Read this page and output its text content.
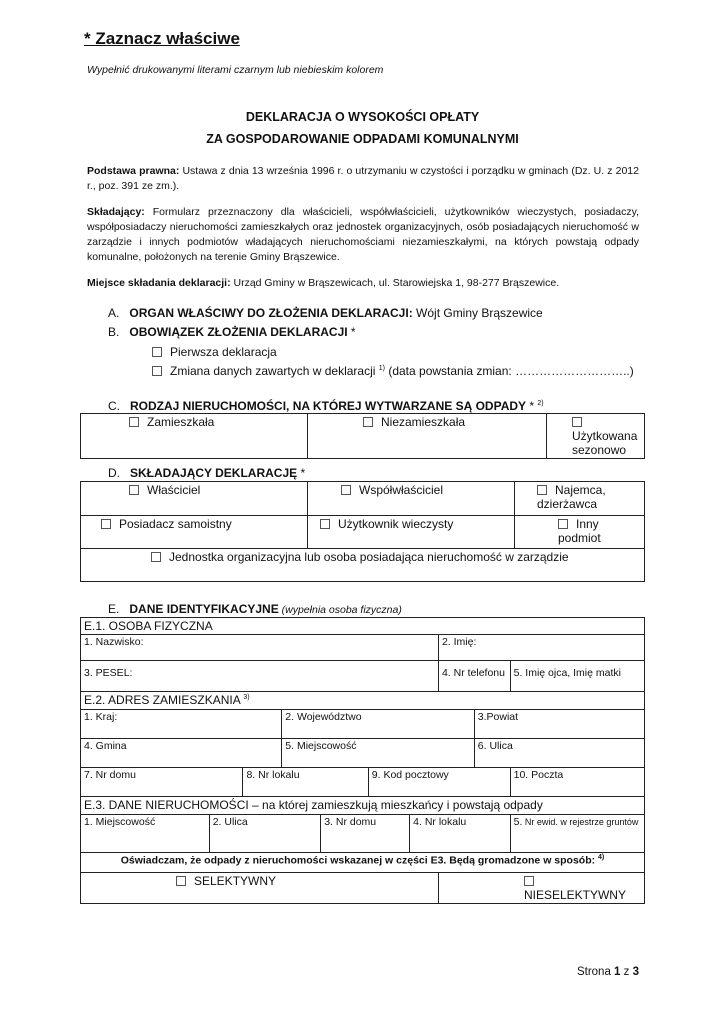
* Zaznacz właściwe
Wypełnić drukowanymi literami czarnym lub niebieskim kolorem
DEKLARACJA O WYSOKOŚCI OPŁATY
ZA GOSPODAROWANIE ODPADAMI KOMUNALNYMI
Podstawa prawna: Ustawa z dnia 13 września 1996 r. o utrzymaniu w czystości i porządku w gminach (Dz. U. z 2012 r., poz. 391 ze zm.).
Składający: Formularz przeznaczony dla właścicieli, współwłaścicieli, użytkowników wieczystych, posiadaczy, współposiadaczy nieruchomości zamieszkałych oraz jednostek organizacyjnych, osób posiadających nieruchomość w zarządzie i innych podmiotów władających nieruchomościami niezamieszkałymi, na których powstają odpady komunalne, położonych na terenie Gminy Brąszewice.
Miejsce składania deklaracji: Urząd Gminy w Brąszewicach, ul. Starowiejska 1, 98-277 Brąszewice.
A. ORGAN WŁAŚCIWY DO ZŁOŻENIA DEKLARACJI: Wójt Gminy Brąszewice
B. OBOWIĄZEK ZŁOŻENIA DEKLARACJI *
Pierwsza deklaracja
Zmiana danych zawartych w deklaracji $^{1)}$ (data powstania zmian: ………………………..)
C. RODZAJ NIERUCHOMOŚCI, NA KTÓREJ WYTWARZANE SĄ ODPADY * $^{2)}$
Zamieszkała	Niezamieszkała	Użytkowana sezonowo
D. SKŁADAJĄCY DEKLARACJĘ *
Właściciel	Współwłaściciel	Najemca, dzierżawca
Posiadacz samoistny	Użytkownik wieczysty	Inny podmiot
Jednostka organizacyjna lub osoba posiadająca nieruchomość w zarządzie		
E. DANE IDENTYFIKACYJNE (wypełnia osoba fizyczna)
E.1. OSOBA FIZYCZNA									
1. Nazwisko:							2. Imię:		
3. PESEL:							4. Nr telefonu		5. Imię ojca, Imię matki
E.2. ADRES ZAMIESZKANIA $^{3)}$
1. Kraj:			2. Województwo					3.Powiat	
4. Gmina			5. Miejscowość					6. Ulica	
7. Nr domu		8. Nr lokalu			9. Kod pocztowy				10. Poczta
E.3. DANE NIERUCHOMOŚCI – na której zamieszkują mieszkańcy i powstają odpady									
1. Miejscowość	2. Ulica			3. Nr domu		4. Nr lokalu			5. Nr ewid. w rejestrze gruntów
Oświadczam, że odpady z nieruchomości wskazanej w części E3. Będą gromadzone w sposób: $^{4)}$
SELEKTYWNY							NIESELEKTYWNY		
Strona 1 z 3
